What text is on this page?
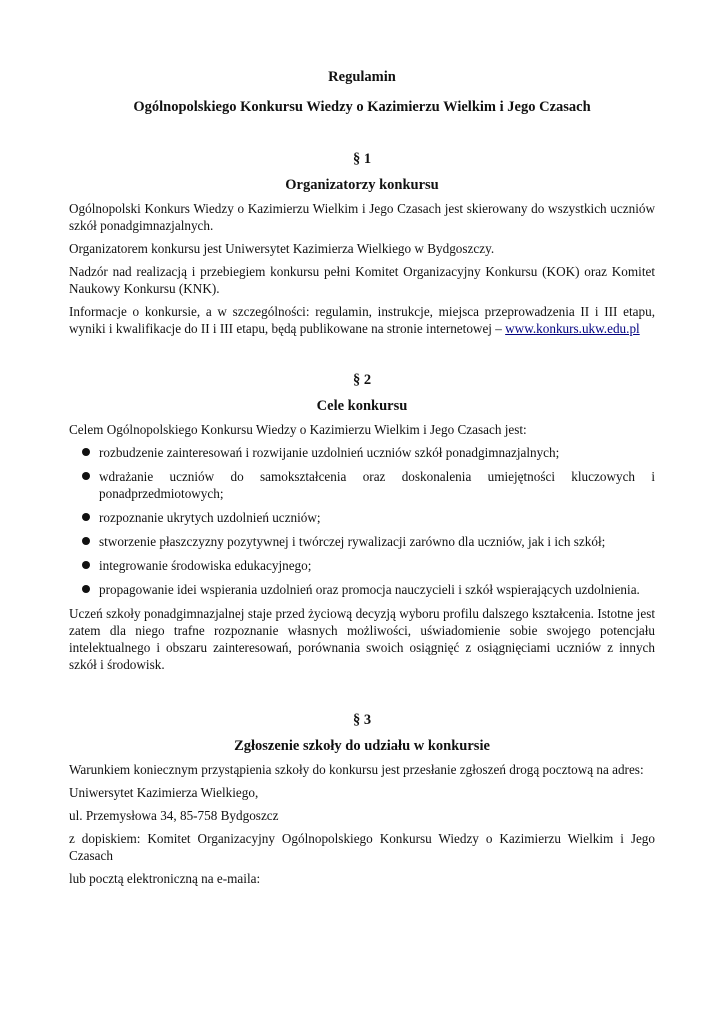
Regulamin
Ogólnopolskiego Konkursu Wiedzy o Kazimierzu Wielkim i Jego Czasach
§ 1
Organizatorzy konkursu

Ogólnopolski Konkurs Wiedzy o Kazimierzu Wielkim i Jego Czasach jest skierowany do wszystkich uczniów szkół ponadgimnazjalnych.

Organizatorem konkursu jest Uniwersytet Kazimierza Wielkiego w Bydgoszczy.

Nadzór nad realizacją i przebiegiem konkursu pełni Komitet Organizacyjny Konkursu (KOK) oraz Komitet Naukowy Konkursu (KNK).

Informacje o konkursie, a w szczególności: regulamin, instrukcje, miejsca przeprowadzenia II i III etapu, wyniki i kwalifikacje do II i III etapu, będą publikowane na stronie internetowej – www.konkurs.ukw.edu.pl

§ 2
Cele konkursu

Celem Ogólnopolskiego Konkursu Wiedzy o Kazimierzu Wielkim i Jego Czasach jest:

rozbudzenie zainteresowań i rozwijanie uzdolnień uczniów szkół ponadgimnazjalnych;
wdrażanie uczniów do samokształcenia oraz doskonalenia umiejętności kluczowych i ponadprzedmiotowych;
rozpoznanie ukrytych uzdolnień uczniów;
stworzenie płaszczyzny pozytywnej i twórczej rywalizacji zarówno dla uczniów, jak i ich szkół;
integrowanie środowiska edukacyjnego;
propagowanie idei wspierania uzdolnień oraz promocja nauczycieli i szkół wspierających uzdolnienia.

Uczeń szkoły ponadgimnazjalnej staje przed życiową decyzją wyboru profilu dalszego kształcenia. Istotne jest zatem dla niego trafne rozpoznanie własnych możliwości, uświadomienie sobie swojego potencjału intelektualnego i obszaru zainteresowań, porównania swoich osiągnięć z osiągnięciami uczniów z innych szkół i środowisk.

§ 3
Zgłoszenie szkoły do udziału w konkursie

Warunkiem koniecznym przystąpienia szkoły do konkursu jest przesłanie zgłoszeń drogą pocztową na adres:

Uniwersytet Kazimierza Wielkiego,

ul. Przemysłowa 34, 85-758 Bydgoszcz

z dopiskiem: Komitet Organizacyjny Ogólnopolskiego Konkursu Wiedzy o Kazimierzu Wielkim i Jego Czasach

lub pocztą elektroniczną na e-maila:
